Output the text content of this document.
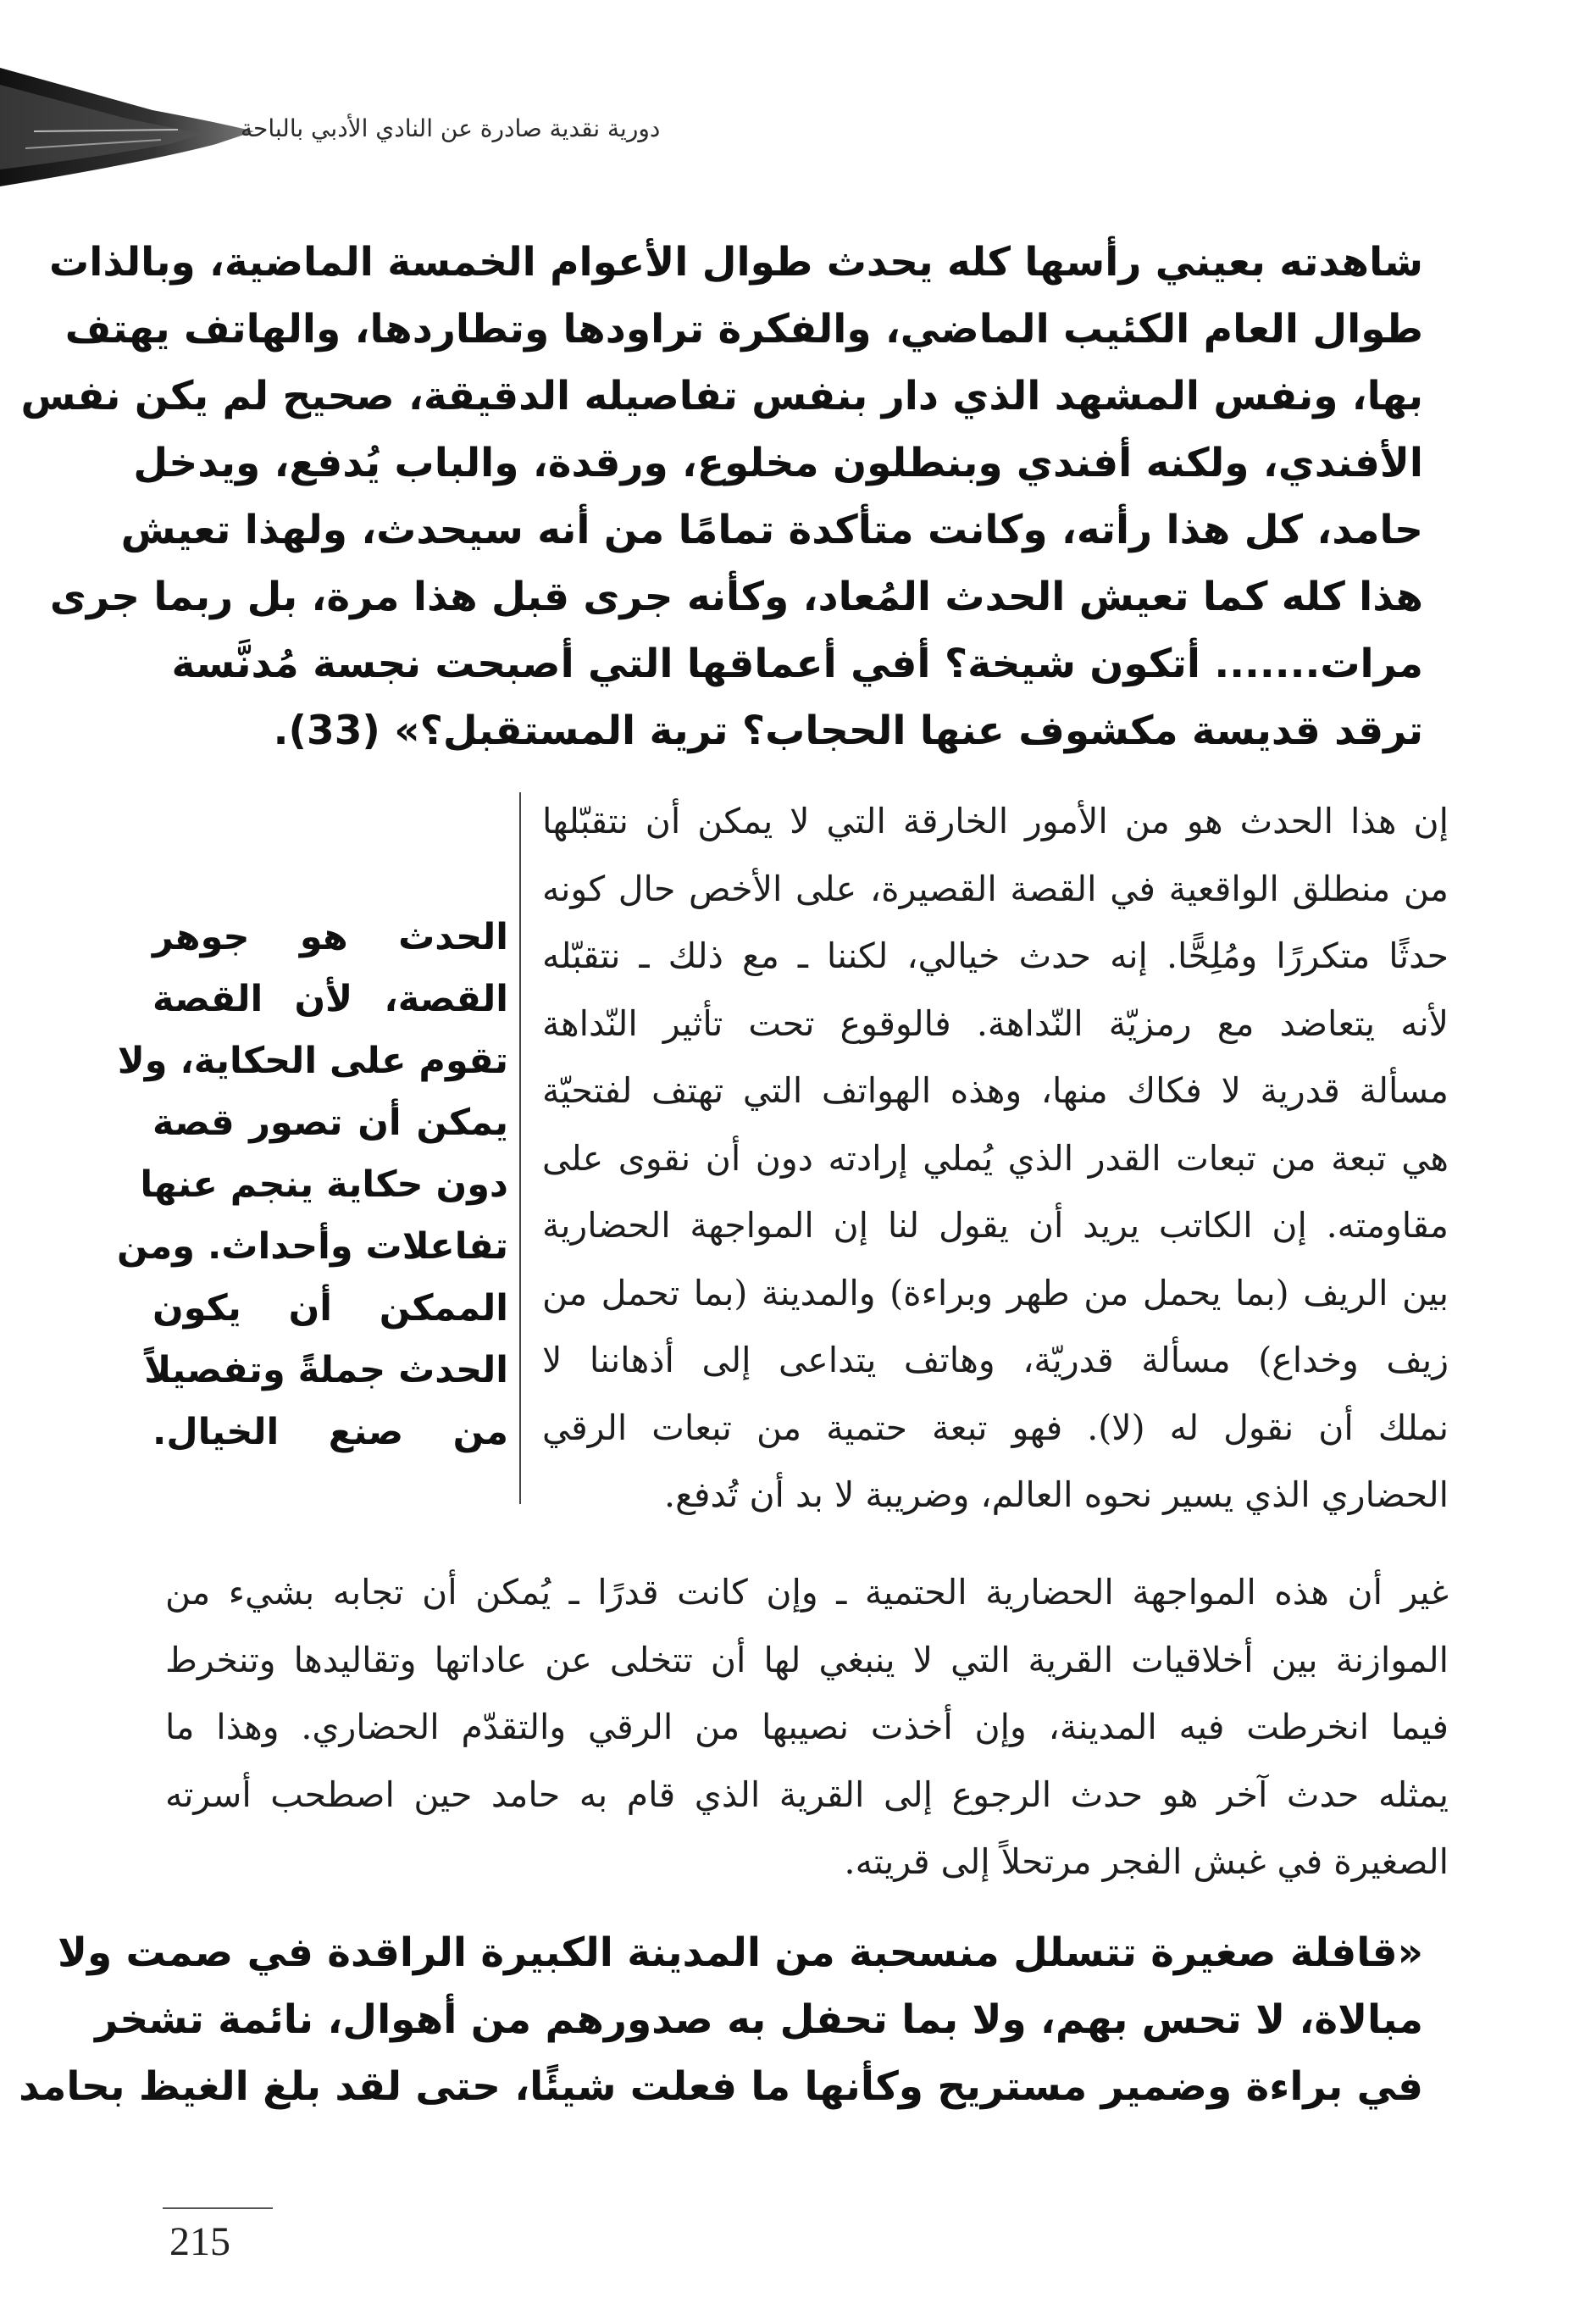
دورية نقدية صادرة عن النادي الأدبي بالباحة
شاهدته بعيني رأسها كله يحدث طوال الأعوام الخمسة الماضية، وبالذات
طوال العام الكئيب الماضي، والفكرة تراودها وتطاردها، والهاتف يهتف
بها، ونفس المشهد الذي دار بنفس تفاصيله الدقيقة، صحيح لم يكن نفس
الأفندي، ولكنه أفندي وبنطلون مخلوع، ورقدة، والباب يُدفع، ويدخل
حامد، كل هذا رأته، وكانت متأكدة تمامًا من أنه سيحدث، ولهذا تعيش
هذا كله كما تعيش الحدث المُعاد، وكأنه جرى قبل هذا مرة، بل ربما جرى
مرات....... أتكون شيخة؟ أفي أعماقها التي أصبحت نجسة مُدنَّسة
ترقد قديسة مكشوف عنها الحجاب؟ ترية المستقبل؟» (33).
إن هذا الحدث هو من الأمور الخارقة التي لا يمكن أن نتقبّلها
من منطلق الواقعية في القصة القصيرة، على الأخص حال كونه
حدثًا متكررًا ومُلِحًّا. إنه حدث خيالي، لكننا ـ مع ذلك ـ نتقبّله
لأنه يتعاضد مع رمزيّة النّداهة. فالوقوع تحت تأثير النّداهة
مسألة قدرية لا فكاك منها، وهذه الهواتف التي تهتف لفتحيّة
هي تبعة من تبعات القدر الذي يُملي إرادته دون أن نقوى على
مقاومته. إن الكاتب يريد أن يقول لنا إن المواجهة الحضارية
بين الريف (بما يحمل من طهر وبراءة) والمدينة (بما تحمل من
زيف وخداع) مسألة قدريّة، وهاتف يتداعى إلى أذهاننا لا
نملك أن نقول له (لا). فهو تبعة حتمية من تبعات الرقي
الحضاري الذي يسير نحوه العالم، وضريبة لا بد أن تُدفع.
الحدث هو جوهر
القصة، لأن القصة
تقوم على الحكاية، ولا
يمكن أن تصور قصة
دون حكاية ينجم عنها
تفاعلات وأحداث. ومن
الممكن أن يكون
الحدث جملةً وتفصيلاً
من صنع الخيال.
غير أن هذه المواجهة الحضارية الحتمية ـ وإن كانت قدرًا ـ يُمكن أن تجابه بشيء من
الموازنة بين أخلاقيات القرية التي لا ينبغي لها أن تتخلى عن عاداتها وتقاليدها وتنخرط
فيما انخرطت فيه المدينة، وإن أخذت نصيبها من الرقي والتقدّم الحضاري. وهذا ما
يمثله حدث آخر هو حدث الرجوع إلى القرية الذي قام به حامد حين اصطحب أسرته
الصغيرة في غبش الفجر مرتحلاً إلى قريته.
«قافلة صغيرة تتسلل منسحبة من المدينة الكبيرة الراقدة في صمت ولا
مبالاة، لا تحس بهم، ولا بما تحفل به صدورهم من أهوال، نائمة تشخر
في براءة وضمير مستريح وكأنها ما فعلت شيئًا، حتى لقد بلغ الغيظ بحامد
215
